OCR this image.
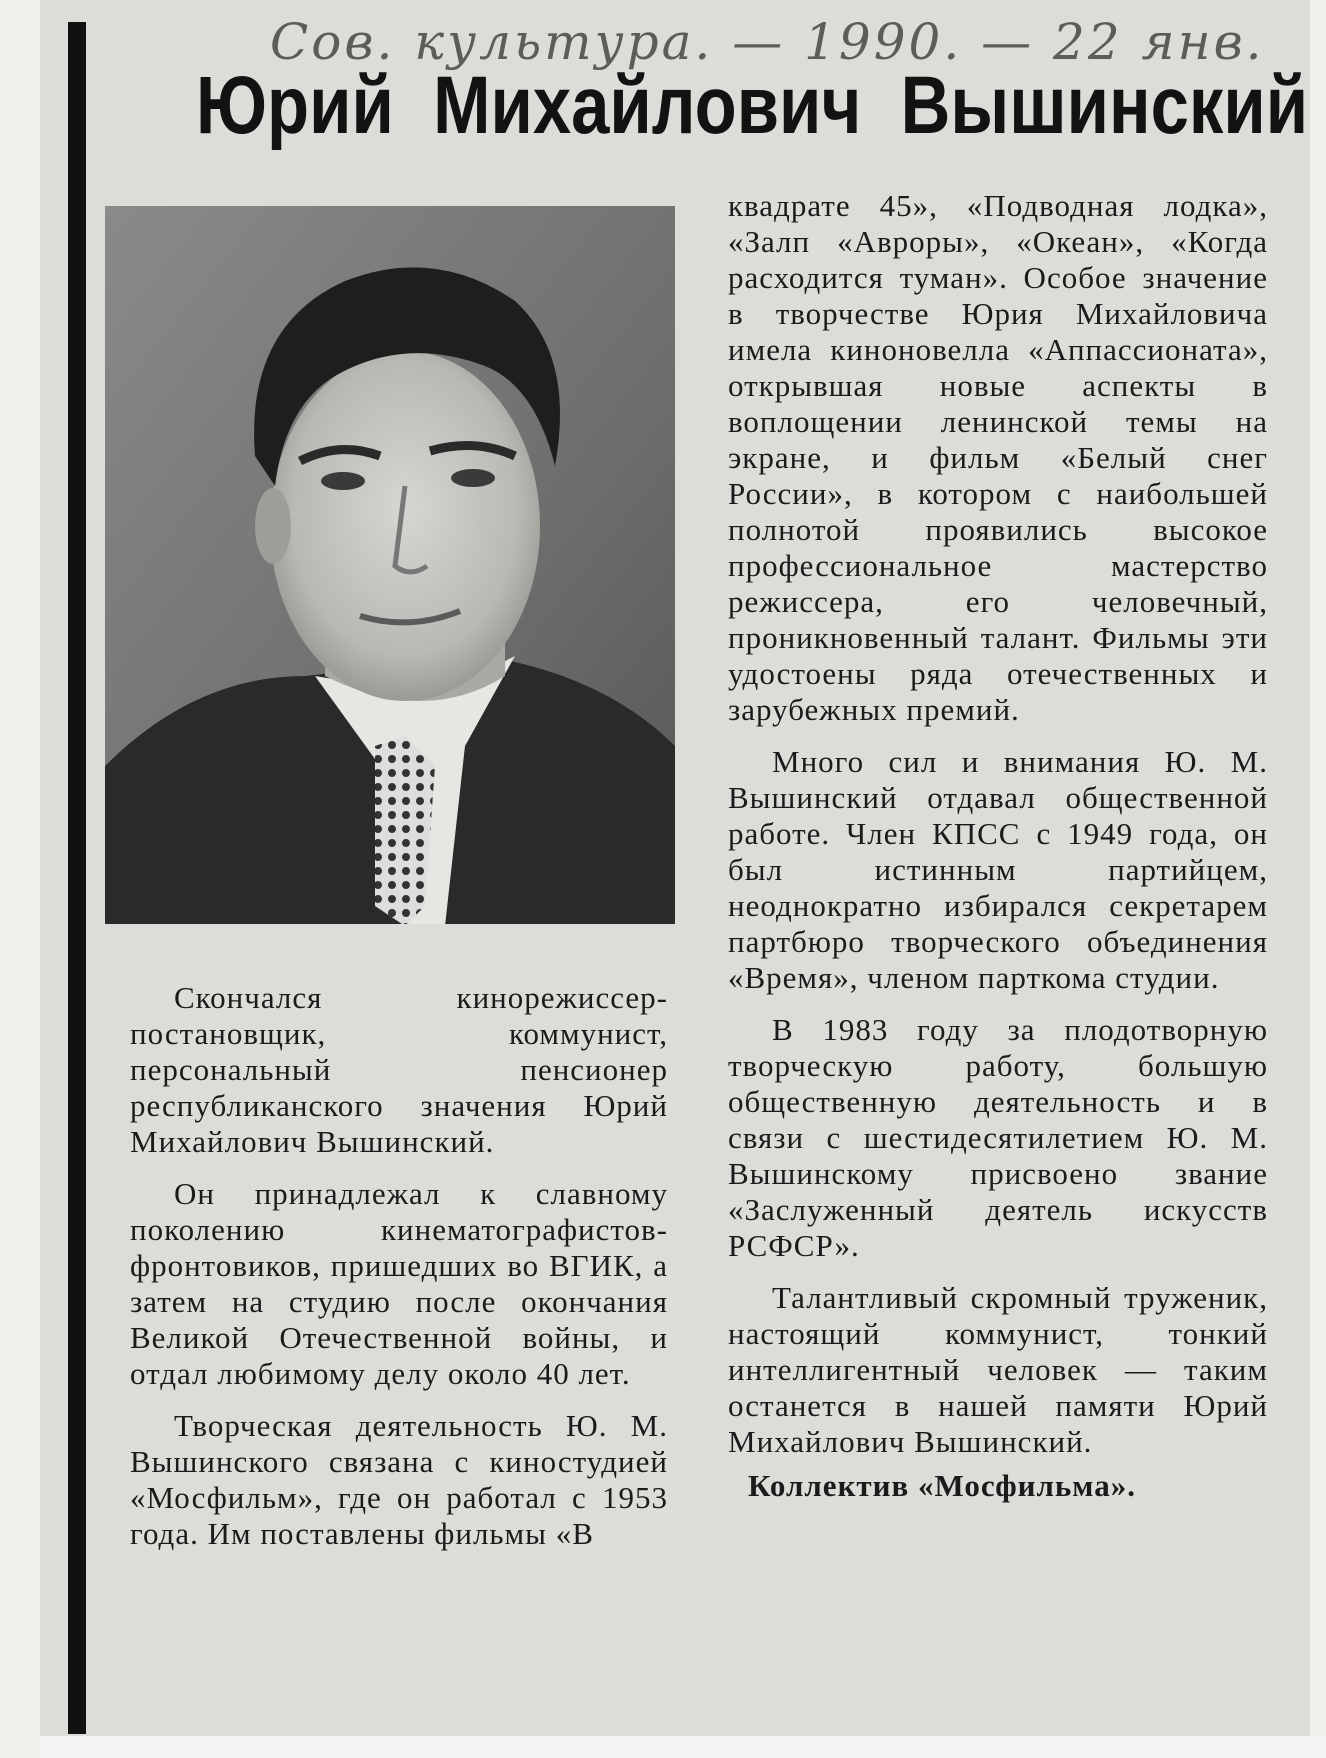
Сов. культура. — 1990. — 22 янв.
Юрий Михайлович Вышинский

Скончался кинорежиссер-постановщик, коммунист, персональный пенсионер республиканского значения Юрий Михайлович Вышинский.

Он принадлежал к славному поколению кинематографистов-фронтовиков, пришедших во ВГИК, а затем на студию после окончания Великой Отечественной войны, и отдал любимому делу около 40 лет.

Творческая деятельность Ю. М. Вышинского связана с киностудией «Мосфильм», где он работал с 1953 года. Им поставлены фильмы «В

квадрате 45», «Подводная лодка», «Залп «Авроры», «Океан», «Когда расходится туман». Особое значение в творчестве Юрия Михайловича имела киноновелла «Аппассионата», открывшая новые аспекты в воплощении ленинской темы на экране, и фильм «Белый снег России», в котором с наибольшей полнотой проявились высокое профессиональное мастерство режиссера, его человечный, проникновенный талант. Фильмы эти удостоены ряда отечественных и зарубежных премий.

Много сил и внимания Ю. М. Вышинский отдавал общественной работе. Член КПСС с 1949 года, он был истинным партийцем, неоднократно избирался секретарем партбюро творческого объединения «Время», членом парткома студии.

В 1983 году за плодотворную творческую работу, большую общественную деятельность и в связи с шестидесятилетием Ю. М. Вышинскому присвоено звание «Заслуженный деятель искусств РСФСР».

Талантливый скромный труженик, настоящий коммунист, тонкий интеллигентный человек — таким останется в нашей памяти Юрий Михайлович Вышинский.

Коллектив «Мосфильма».
